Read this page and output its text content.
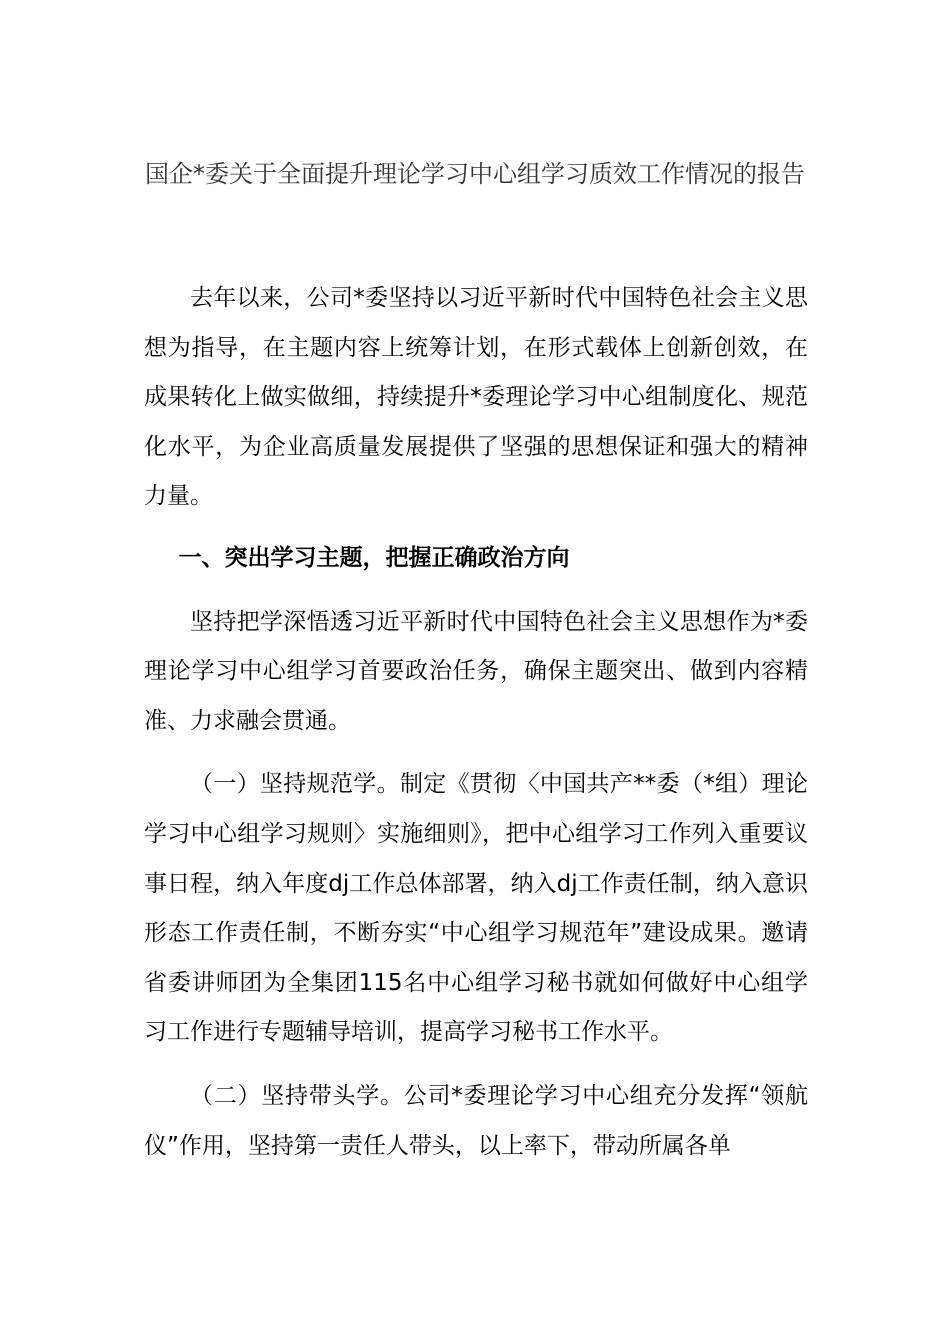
国企*委关于全面提升理论学习中心组学习质效工作情况的报告

去年以来，公司*委坚持以习近平新时代中国特色社会主义思想为指导，在主题内容上统筹计划，在形式载体上创新创效，在成果转化上做实做细，持续提升*委理论学习中心组制度化、规范化水平，为企业高质量发展提供了坚强的思想保证和强大的精神力量。

一、突出学习主题，把握正确政治方向

坚持把学深悟透习近平新时代中国特色社会主义思想作为*委理论学习中心组学习首要政治任务，确保主题突出、做到内容精准、力求融会贯通。

（一）坚持规范学。制定《贯彻〈中国共产**委（*组）理论学习中心组学习规则〉实施细则》，把中心组学习工作列入重要议事日程，纳入年度dj工作总体部署，纳入dj工作责任制，纳入意识形态工作责任制，不断夯实“中心组学习规范年”建设成果。邀请省委讲师团为全集团115名中心组学习秘书就如何做好中心组学习工作进行专题辅导培训，提高学习秘书工作水平。

（二）坚持带头学。公司*委理论学习中心组充分发挥“领航仪”作用，坚持第一责任人带头，以上率下，带动所属各单
